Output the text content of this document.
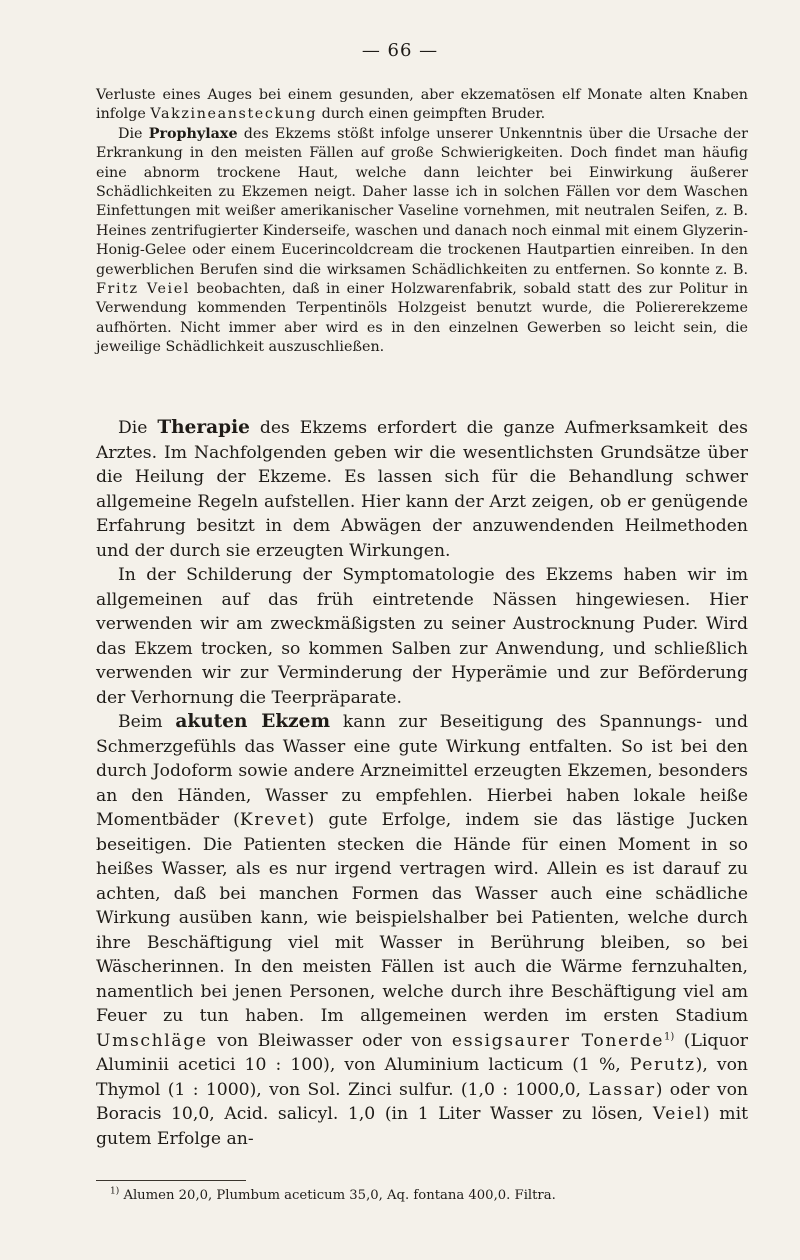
— 66 —

Verluste eines Auges bei einem gesunden, aber ekzematösen elf Monate alten Knaben infolge Vakzineansteckung durch einen geimpften Bruder.

Die Prophylaxe des Ekzems stößt infolge unserer Unkenntnis über die Ursache der Erkrankung in den meisten Fällen auf große Schwierigkeiten. Doch findet man häufig eine abnorm trockene Haut, welche dann leichter bei Einwirkung äußerer Schädlichkeiten zu Ekzemen neigt. Daher lasse ich in solchen Fällen vor dem Waschen Einfettungen mit weißer amerikanischer Vaseline vornehmen, mit neutralen Seifen, z. B. Heines zentrifugierter Kinderseife, waschen und danach noch einmal mit einem Glyzerin-Honig-Gelee oder einem Eucerincoldcream die trockenen Hautpartien einreiben. In den gewerblichen Berufen sind die wirksamen Schädlichkeiten zu entfernen. So konnte z. B. Fritz Veiel beobachten, daß in einer Holzwarenfabrik, sobald statt des zur Politur in Verwendung kommenden Terpentinöls Holzgeist benutzt wurde, die Poliererekzeme aufhörten. Nicht immer aber wird es in den einzelnen Gewerben so leicht sein, die jeweilige Schädlichkeit auszuschließen.

Die Therapie des Ekzems erfordert die ganze Aufmerksamkeit des Arztes. Im Nachfolgenden geben wir die wesentlichsten Grundsätze über die Heilung der Ekzeme. Es lassen sich für die Behandlung schwer allgemeine Regeln aufstellen. Hier kann der Arzt zeigen, ob er genügende Erfahrung besitzt in dem Abwägen der anzuwendenden Heilmethoden und der durch sie erzeugten Wirkungen.

In der Schilderung der Symptomatologie des Ekzems haben wir im allgemeinen auf das früh eintretende Nässen hingewiesen. Hier verwenden wir am zweckmäßigsten zu seiner Austrocknung Puder. Wird das Ekzem trocken, so kommen Salben zur Anwendung, und schließlich verwenden wir zur Verminderung der Hyperämie und zur Beförderung der Verhornung die Teerpräparate.

Beim akuten Ekzem kann zur Beseitigung des Spannungs- und Schmerzgefühls das Wasser eine gute Wirkung entfalten. So ist bei den durch Jodoform sowie andere Arzneimittel erzeugten Ekzemen, besonders an den Händen, Wasser zu empfehlen. Hierbei haben lokale heiße Momentbäder (Krevet) gute Erfolge, indem sie das lästige Jucken beseitigen. Die Patienten stecken die Hände für einen Moment in so heißes Wasser, als es nur irgend vertragen wird. Allein es ist darauf zu achten, daß bei manchen Formen das Wasser auch eine schädliche Wirkung ausüben kann, wie beispielshalber bei Patienten, welche durch ihre Beschäftigung viel mit Wasser in Berührung bleiben, so bei Wäscherinnen. In den meisten Fällen ist auch die Wärme fernzuhalten, namentlich bei jenen Personen, welche durch ihre Beschäftigung viel am Feuer zu tun haben. Im allgemeinen werden im ersten Stadium Umschläge von Bleiwasser oder von essigsaurer Tonerde$^{1)}$ (Liquor Aluminii acetici 10 : 100), von Aluminium lacticum (1 %, Perutz), von Thymol (1 : 1000), von Sol. Zinci sulfur. (1,0 : 1000,0, Lassar) oder von Boracis 10,0, Acid. salicyl. 1,0 (in 1 Liter Wasser zu lösen, Veiel) mit gutem Erfolge an-

$^{1)}$ Alumen 20,0, Plumbum aceticum 35,0, Aq. fontana 400,0. Filtra.
